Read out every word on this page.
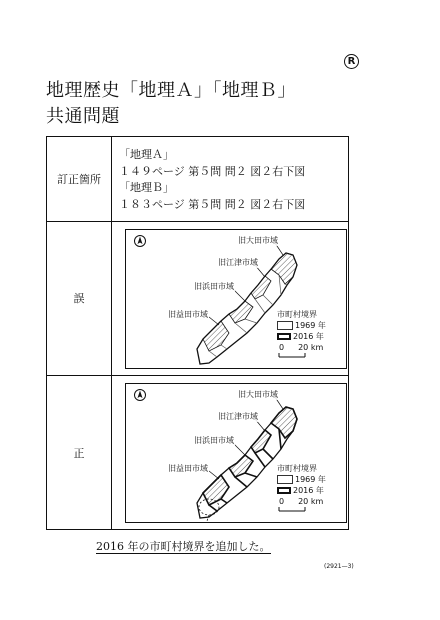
R
地理歴史「地理Ａ」「地理Ｂ」
共通問題
訂正箇所
「地理Ａ」
１４９ページ 第５問 問２ 図２右下図
「地理Ｂ」
１８３ページ 第５問 問２ 図２右下図
誤
旧大田市域
旧江津市域
旧浜田市域
旧益田市域	市町村境界
1969 年
2016 年
0 20 km
正
旧大田市域
旧江津市域
旧浜田市域
旧益田市域	市町村境界
1969 年
2016 年
0 20 km
2016 年の市町村境界を追加した。
(2921—3)
